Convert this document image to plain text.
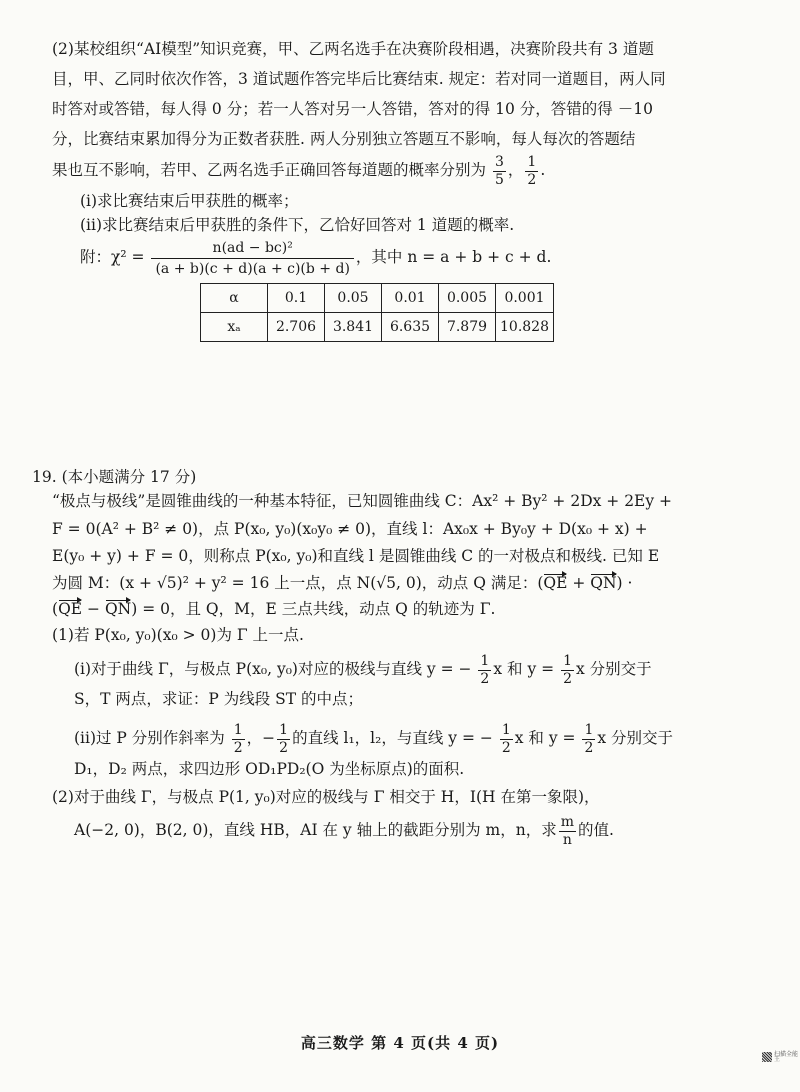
(2)某校组织“AI模型”知识竞赛，甲、乙两名选手在决赛阶段相遇，决赛阶段共有 3 道题
目，甲、乙同时依次作答，3 道试题作答完毕后比赛结束. 规定：若对同一道题目，两人同
时答对或答错，每人得 0 分；若一人答对另一人答错，答对的得 10 分，答错的得 －10
分，比赛结束累加得分为正数者获胜. 两人分别独立答题互不影响，每人每次的答题结
果也互不影响，若甲、乙两名选手正确回答每道题的概率分别为 $\frac{3}{5}$ ， $\frac{1}{2}$ .
(i)求比赛结束后甲获胜的概率；
(ii)求比赛结束后甲获胜的条件下，乙恰好回答对 1 道题的概率.
附：$\chi^2 = \frac{\text{n(ad − bc)²}}{(a + b)(c + d)(a + c)(b + d)}$ ，其中 n = a + b + c + d.
α	0.1	0.05	0.01	0.005	0.001
xₐ	2.706	3.841	6.635	7.879	10.828
19. (本小题满分 17 分)
“极点与极线”是圆锥曲线的一种基本特征，已知圆锥曲线 C：Ax² + By² + 2Dx + 2Ey +
F = 0(A² + B² ≠ 0)，点 P(x₀, y₀)(x₀y₀ ≠ 0)，直线 l：Ax₀x + By₀y + D(x₀ + x) +
E(y₀ + y) + F = 0，则称点 P(x₀, y₀)和直线 l 是圆锥曲线 C 的一对极点和极线. 已知 E
为圆 M：(x + √5)² + y² = 16 上一点，点 N(√5, 0)，动点 Q 满足：(QE + QN) ·
(QE − QN) = 0，且 Q，M，E 三点共线，动点 Q 的轨迹为 Γ.
(1)若 P(x₀, y₀)(x₀ > 0)为 Γ 上一点.
(i)对于曲线 Γ，与极点 P(x₀, y₀)对应的极线与直线 y = − $\frac{1}{2}$ x 和 $y = \frac{1}{2}$ x 分别交于
S，T 两点，求证：P 为线段 ST 的中点；
(ii)过 P 分别作斜率为 $\frac{1}{2}$ ，− $\frac{1}{2}$ 的直线 l₁，l₂，与直线 y = − $\frac{1}{2}$ x 和 $y = \frac{1}{2}$ x 分别交于
D₁，D₂ 两点，求四边形 OD₁PD₂(O 为坐标原点)的面积.
(2)对于曲线 Γ，与极点 P(1, y₀)对应的极线与 Γ 相交于 H，I(H 在第一象限)，
A(−2, 0)，B(2, 0)，直线 HB，AI 在 y 轴上的截距分别为 m，n，求 $\frac{m}{n}$ 的值.
高三数学 第 4 页(共 4 页)
扫描全能王
